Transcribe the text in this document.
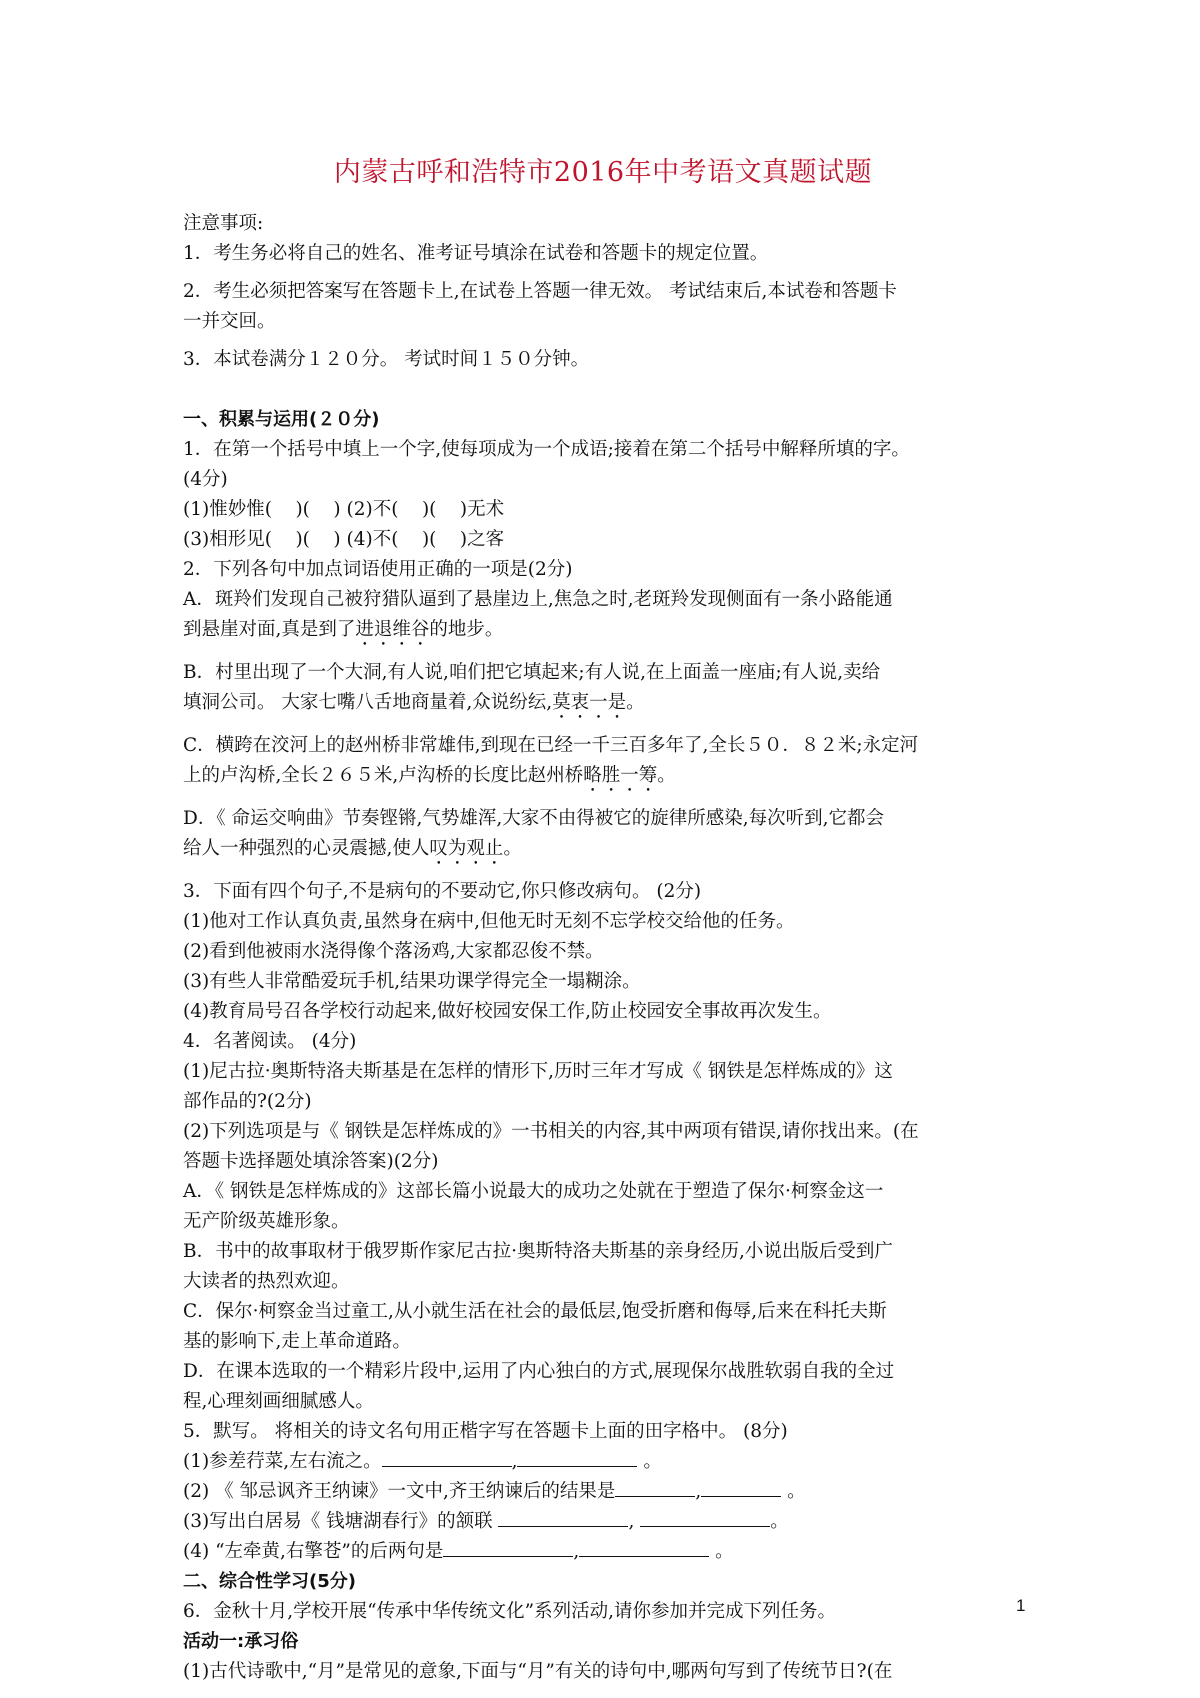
内蒙古呼和浩特市2016年中考语文真题试题
注意事项:
1．考生务必将自己的姓名、准考证号填涂在试卷和答题卡的规定位置。
2．考生必须把答案写在答题卡上,在试卷上答题一律无效。 考试结束后,本试卷和答题卡
一并交回。
3．本试卷满分１２０分。 考试时间１５０分钟。
一、积累与运用(２０分)
1．在第一个括号中填上一个字,使每项成为一个成语;接着在第二个括号中解释所填的字。
(4分)
(1)惟妙惟(    )(    ) (2)不(    )(    )无术
(3)相形见(    )(    ) (4)不(    )(    )之客
2．下列各句中加点词语使用正确的一项是(2分)
A．斑羚们发现自己被狩猎队逼到了悬崖边上,焦急之时,老斑羚发现侧面有一条小路能通
到悬崖对面,真是到了进退维谷的地步。
B．村里出现了一个大洞,有人说,咱们把它填起来;有人说,在上面盖一座庙;有人说,卖给
填洞公司。 大家七嘴八舌地商量着,众说纷纭,莫衷一是。
C．横跨在洨河上的赵州桥非常雄伟,到现在已经一千三百多年了,全长５０．８２米;永定河
上的卢沟桥,全长２６５米,卢沟桥的长度比赵州桥略胜一筹。
D．《 命运交响曲》节奏铿锵,气势雄浑,大家不由得被它的旋律所感染,每次听到,它都会
给人一种强烈的心灵震撼,使人叹为观止。
3．下面有四个句子,不是病句的不要动它,你只修改病句。 (2分)
(1)他对工作认真负责,虽然身在病中,但他无时无刻不忘学校交给他的任务。
(2)看到他被雨水浇得像个落汤鸡,大家都忍俊不禁。
(3)有些人非常酷爱玩手机,结果功课学得完全一塌糊涂。
(4)教育局号召各学校行动起来,做好校园安保工作,防止校园安全事故再次发生。
4．名著阅读。 (4分)
(1)尼古拉·奥斯特洛夫斯基是在怎样的情形下,历时三年才写成《 钢铁是怎样炼成的》这
部作品的?(2分)
(2)下列选项是与《 钢铁是怎样炼成的》一书相关的内容,其中两项有错误,请你找出来。(在
答题卡选择题处填涂答案)(2分)
A．《 钢铁是怎样炼成的》这部长篇小说最大的成功之处就在于塑造了保尔·柯察金这一
无产阶级英雄形象。
B．书中的故事取材于俄罗斯作家尼古拉·奥斯特洛夫斯基的亲身经历,小说出版后受到广
大读者的热烈欢迎。
C．保尔·柯察金当过童工,从小就生活在社会的最低层,饱受折磨和侮辱,后来在科托夫斯
基的影响下,走上革命道路。
D．在课本选取的一个精彩片段中,运用了内心独白的方式,展现保尔战胜软弱自我的全过
程,心理刻画细腻感人。
5．默写。 将相关的诗文名句用正楷字写在答题卡上面的田字格中。 (8分)
(1)参差荇菜,左右流之。	,	。
(2) 《 邹忌讽齐王纳谏》一文中,齐王纳谏后的结果是	,	。
(3)写出白居易《 钱塘湖春行》的颔联	,	。
(4) “左牵黄,右擎苍”的后两句是	,	。
二、综合性学习(5分)
6．金秋十月,学校开展“传承中华传统文化”系列活动,请你参加并完成下列任务。
活动一:承习俗
(1)古代诗歌中,“月”是常见的意象,下面与“月”有关的诗句中,哪两句写到了传统节日?(在
1
